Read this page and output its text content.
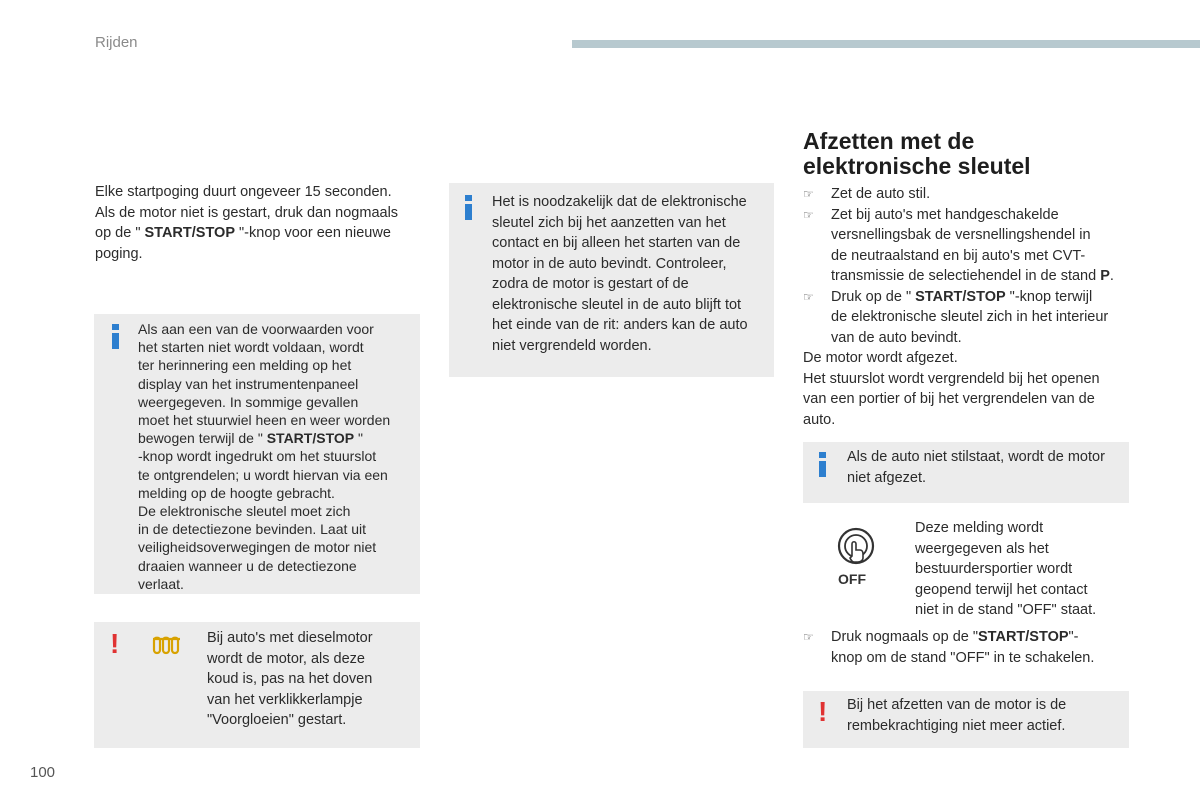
Rijden
Elke startpoging duurt ongeveer 15 seconden.
Als de motor niet is gestart, druk dan nogmaals
op de " START/STOP "-knop voor een nieuwe
poging.
Als aan een van de voorwaarden voor
het starten niet wordt voldaan, wordt
ter herinnering een melding op het
display van het instrumentenpaneel
weergegeven. In sommige gevallen
moet het stuurwiel heen en weer worden
bewogen terwijl de " START/STOP "
-knop wordt ingedrukt om het stuurslot
te ontgrendelen; u wordt hiervan via een
melding op de hoogte gebracht.
De elektronische sleutel moet zich
in de detectiezone bevinden. Laat uit
veiligheidsoverwegingen de motor niet
draaien wanneer u de detectiezone
verlaat.
!	Bij auto's met dieselmotor
wordt de motor, als deze
koud is, pas na het doven
van het verklikkerlampje
"Voorgloeien" gestart.
Het is noodzakelijk dat de elektronische
sleutel zich bij het aanzetten van het
contact en bij alleen het starten van de
motor in de auto bevindt. Controleer,
zodra de motor is gestart of de
elektronische sleutel in de auto blijft tot
het einde van de rit: anders kan de auto
niet vergrendeld worden.
Afzetten met de
elektronische sleutel
☞ Zet de auto stil.
☞ Zet bij auto's met handgeschakelde
versnellingsbak de versnellingshendel in
de neutraalstand en bij auto's met CVT-
transmissie de selectiehendel in de stand P.
☞ Druk op de " START/STOP "-knop terwijl
de elektronische sleutel zich in het interieur
van de auto bevindt.
De motor wordt afgezet.
Het stuurslot wordt vergrendeld bij het openen
van een portier of bij het vergrendelen van de
auto.
Als de auto niet stilstaat, wordt de motor
niet afgezet.
OFF
Deze melding wordt
weergegeven als het
bestuurdersportier wordt
geopend terwijl het contact
niet in de stand "OFF" staat.
☞ Druk nogmaals op de "START/STOP"-
knop om de stand "OFF" in te schakelen.
! Bij het afzetten van de motor is de
rembekrachtiging niet meer actief.
100
